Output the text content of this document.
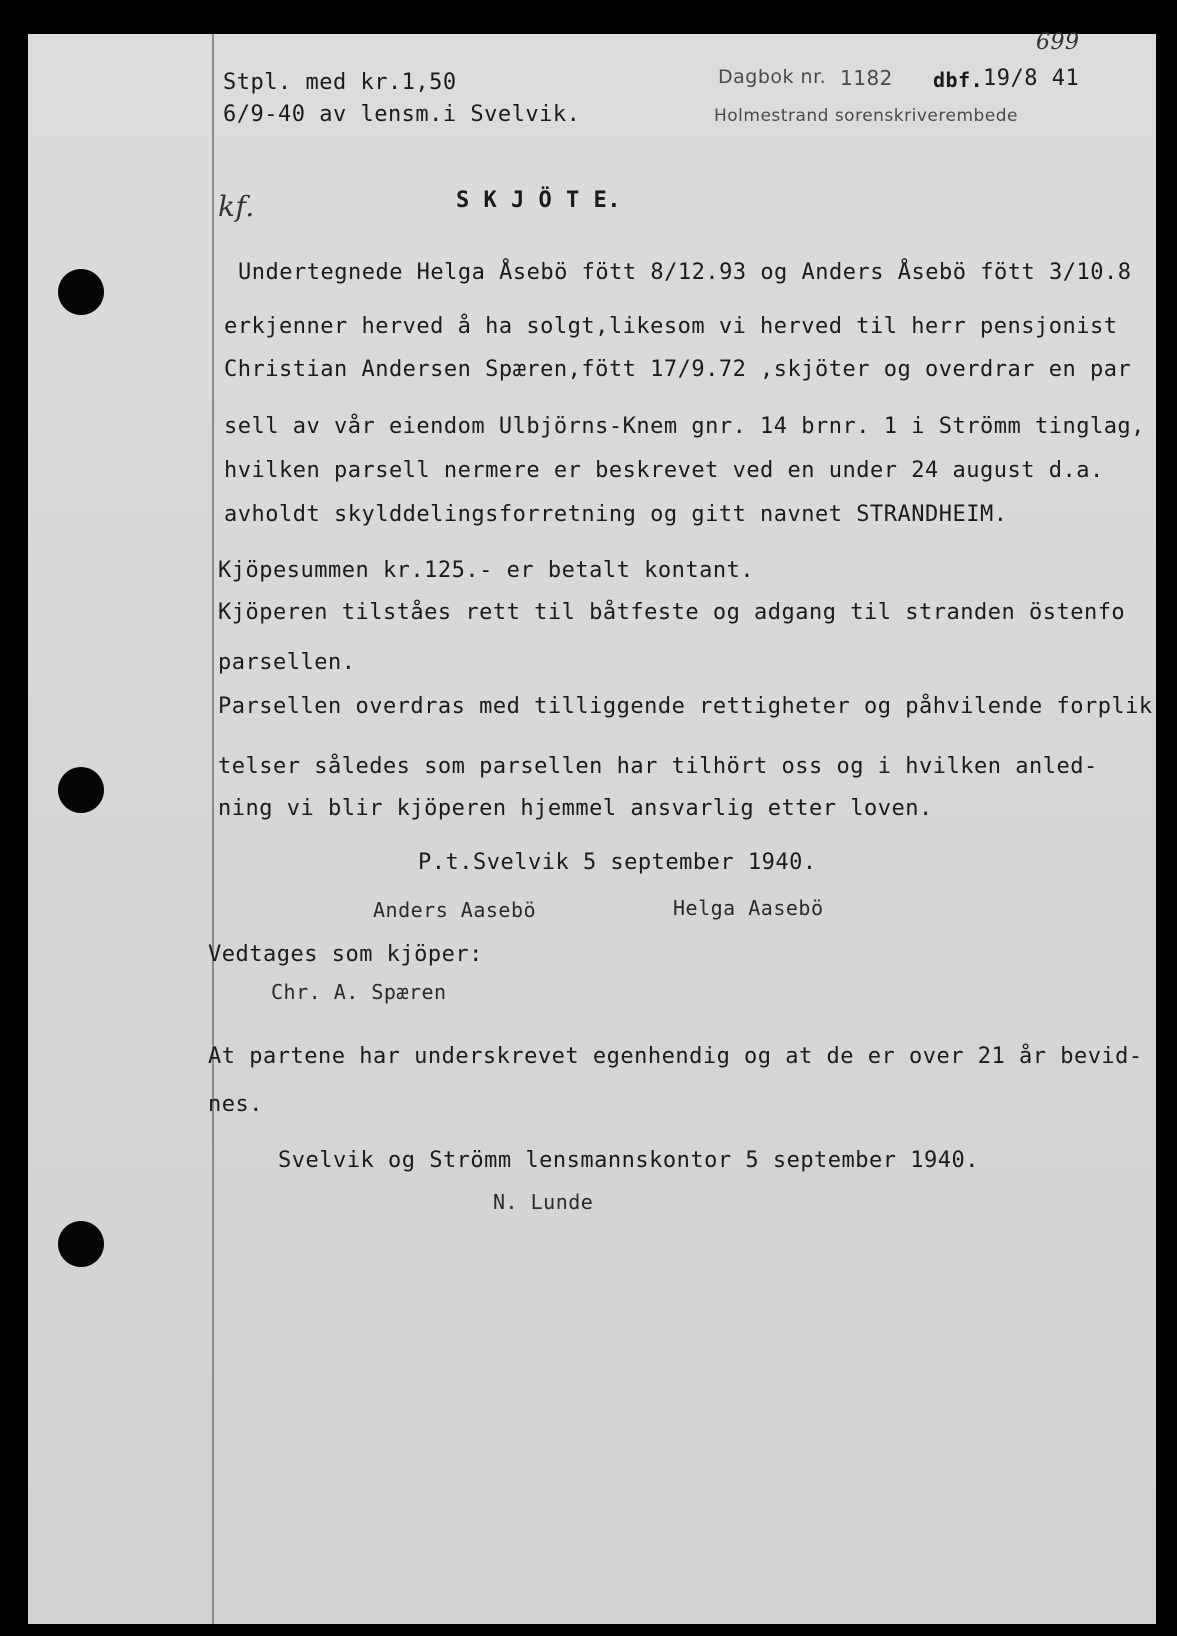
699
Stpl. med kr.1,50
6/9-40 av lensm.i Svelvik.
Dagbok nr. 1182 dbf. 19/8 41
Holmestrand sorenskriverembede
kf.	S K J Ö T E.
Undertegnede Helga Åsebö fött 8/12.93 og Anders Åsebö fött 3/10.8
erkjenner herved å ha solgt,likesom vi herved til herr pensjonist
Christian Andersen Spæren,fött 17/9.72 ,skjöter og overdrar en par
sell av vår eiendom Ulbjörns-Knem gnr. 14 brnr. 1 i Strömm tinglag,
hvilken parsell nermere er beskrevet ved en under 24 august d.a.
avholdt skylddelingsforretning og gitt navnet STRANDHEIM.
Kjöpesummen kr.125.- er betalt kontant.
Kjöperen tilståes rett til båtfeste og adgang til stranden östenfo
parsellen.
Parsellen overdras med tilliggende rettigheter og påhvilende forplik
telser således som parsellen har tilhört oss og i hvilken anled-
ning vi blir kjöperen hjemmel ansvarlig etter loven.
P.t.Svelvik 5 september 1940.
Anders Aasebö	Helga Aasebö
Vedtages som kjöper:
Chr. A. Spæren
At partene har underskrevet egenhendig og at de er over 21 år bevid-
nes.
Svelvik og Strömm lensmannskontor 5 september 1940.
N. Lunde
